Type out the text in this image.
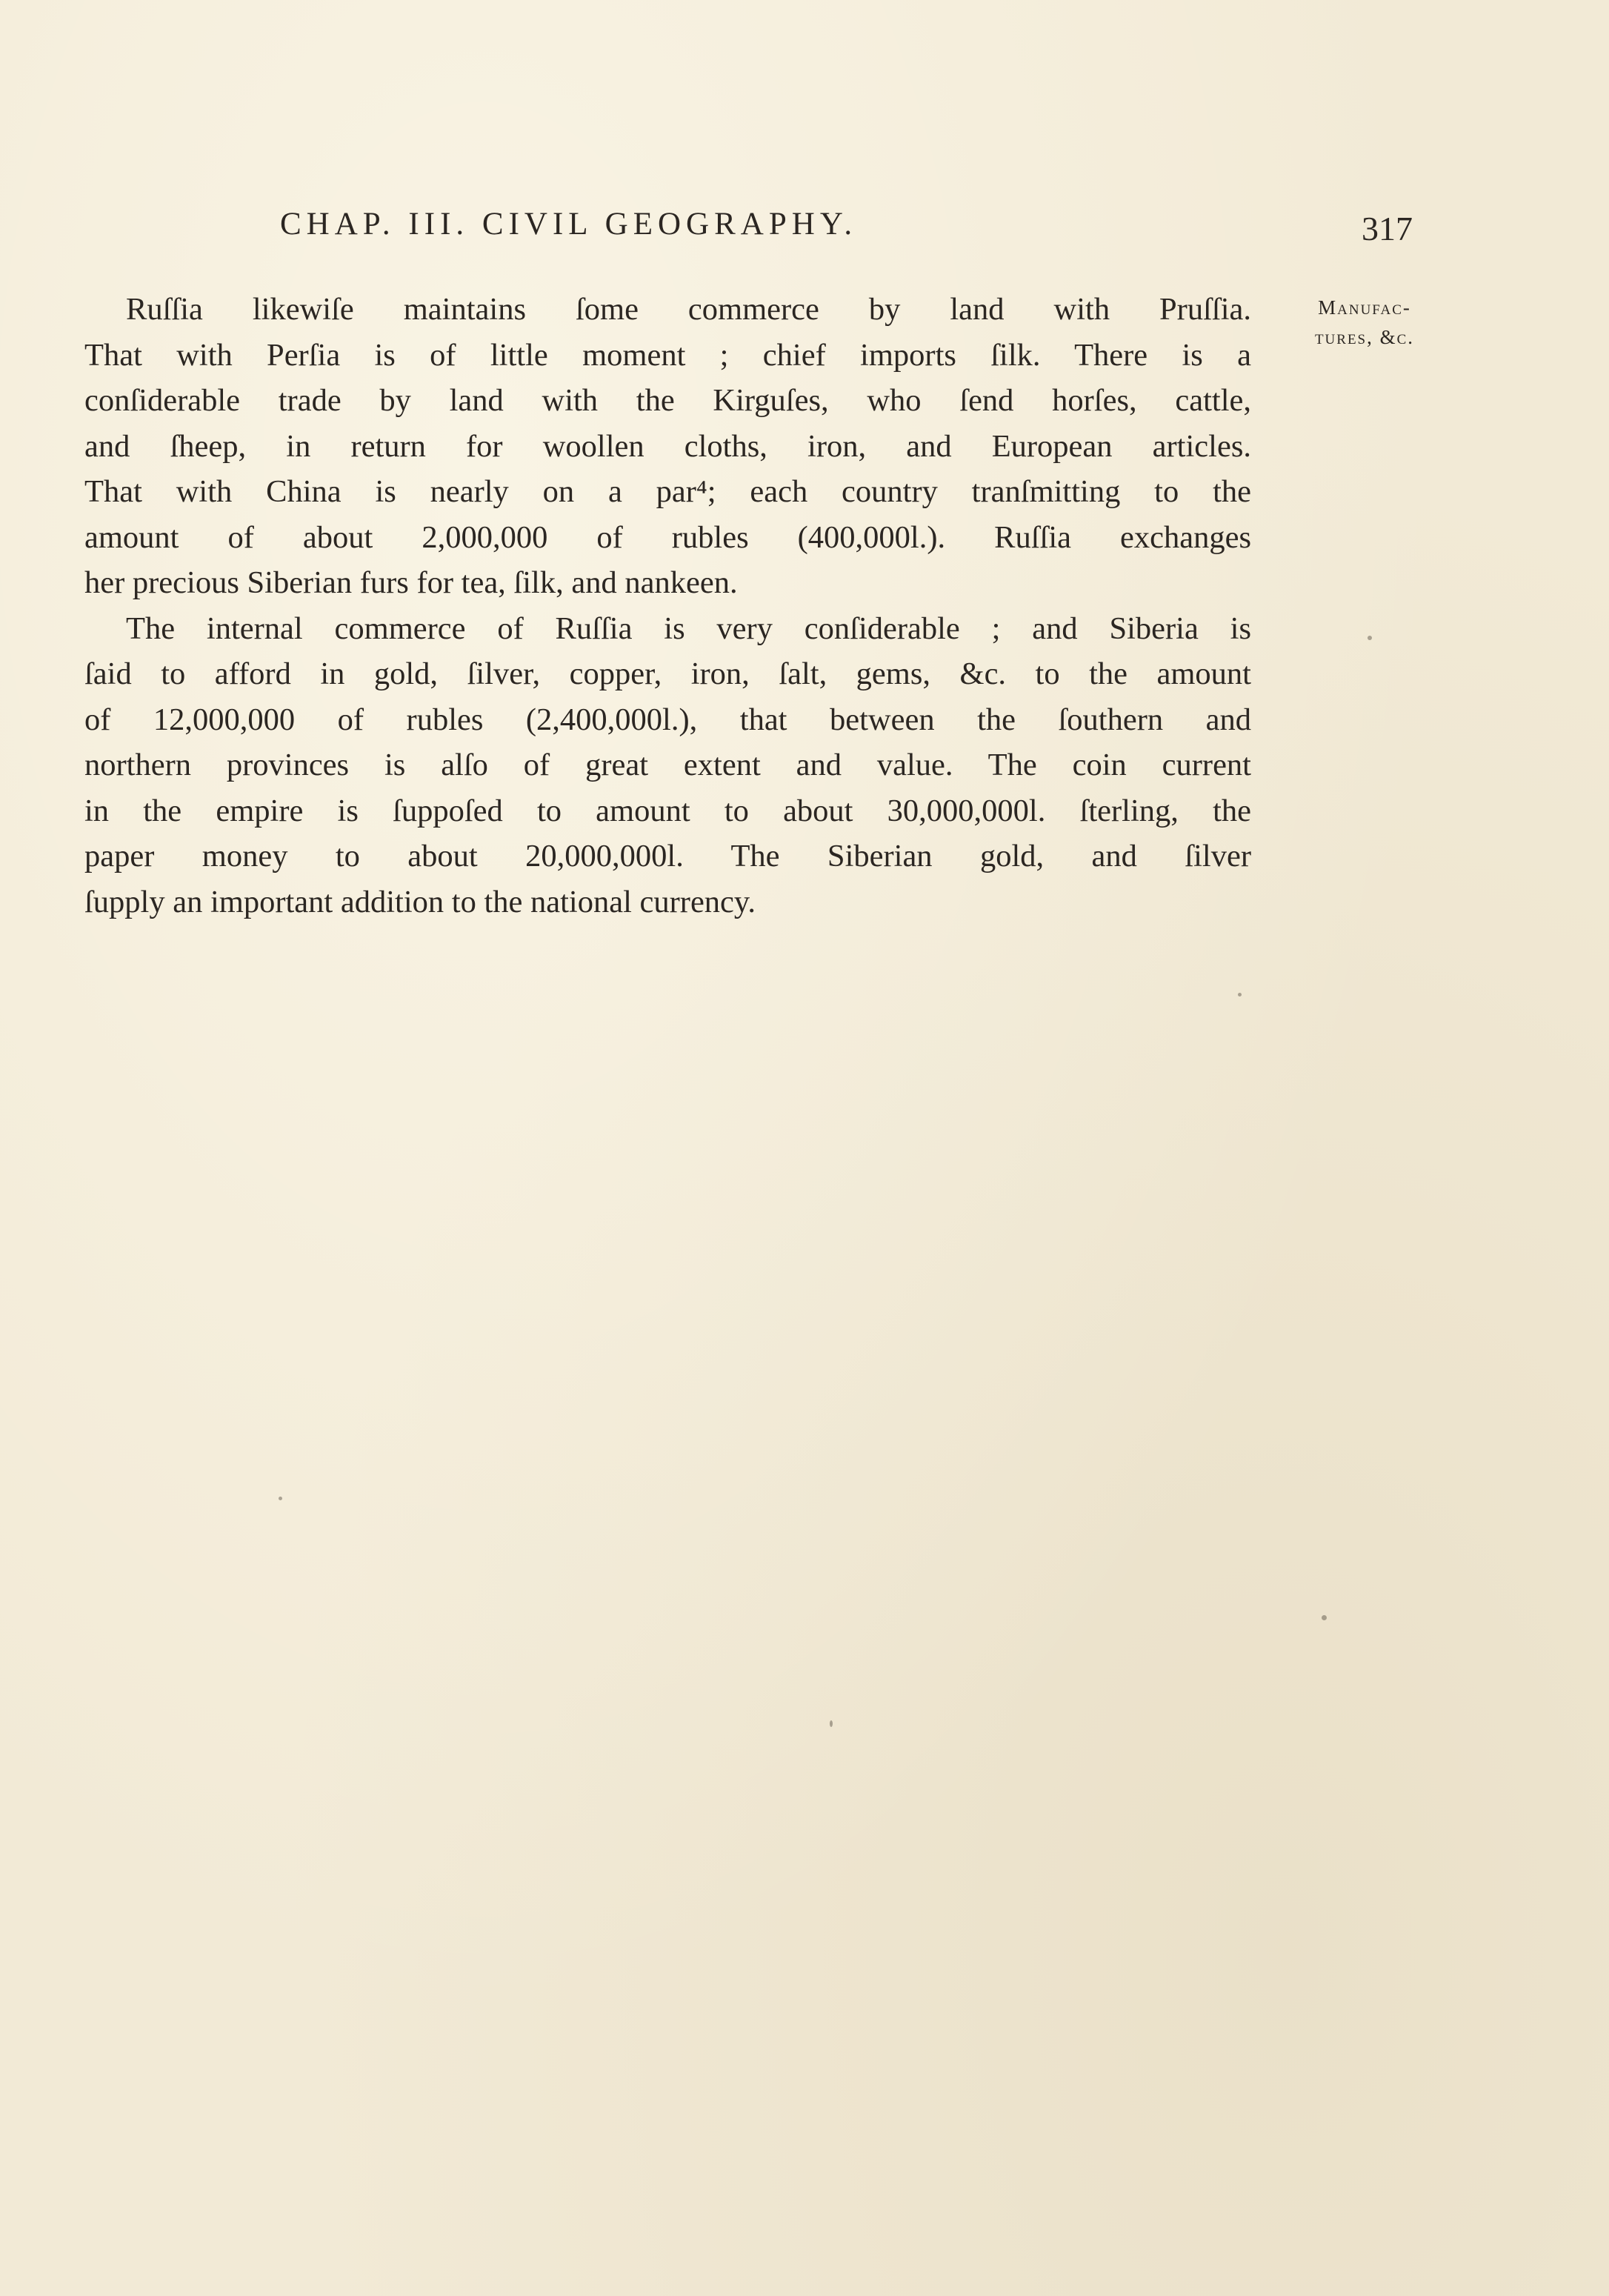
CHAP. III. CIVIL GEOGRAPHY.	317
Manufac-
tures, &c.

Ruſſia likewiſe maintains ſome commerce by land with Pruſſia.
That with Perſia is of little moment ; chief imports ſilk. There is a
conſiderable trade by land with the Kirguſes, who ſend horſes, cattle,
and ſheep, in return for woollen cloths, iron, and European articles.
That with China is nearly on a par⁴; each country tranſmitting to the
amount of about 2,000,000 of rubles (400,000l.). Ruſſia exchanges
her precious Siberian furs for tea, ſilk, and nankeen.

The internal commerce of Ruſſia is very conſiderable ; and Siberia is
ſaid to afford in gold, ſilver, copper, iron, ſalt, gems, &c. to the amount
of 12,000,000 of rubles (2,400,000l.), that between the ſouthern and
northern provinces is alſo of great extent and value. The coin current
in the empire is ſuppoſed to amount to about 30,000,000l. ſterling, the
paper money to about 20,000,000l. The Siberian gold, and ſilver
ſupply an important addition to the national currency.
